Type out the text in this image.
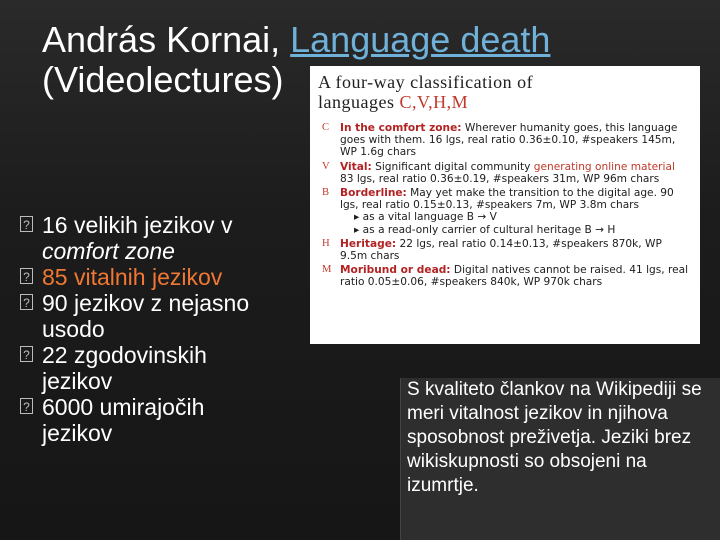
András Kornai, Language death
(Videolectures)
? 16 velikih jezikov v
comfort zone
? 85 vitalnih jezikov
? 90 jezikov z nejasno
usodo
? 22 zgodovinskih
jezikov
? 6000 umirajočih
jezikov
A four-way classification of
languages C,V,H,M
C In the comfort zone: Wherever humanity goes, this language goes with them. 16 lgs, real ratio 0.36±0.10, #speakers 145m, WP 1.6g chars
V Vital: Significant digital community generating online material 83 lgs, real ratio 0.36±0.19, #speakers 31m, WP 96m chars
B Borderline: May yet make the transition to the digital age. 90 lgs, real ratio 0.15±0.13, #speakers 7m, WP 3.8m chars
▸ as a vital language B → V
▸ as a read-only carrier of cultural heritage B → H
H Heritage: 22 lgs, real ratio 0.14±0.13, #speakers 870k, WP 9.5m chars
M Moribund or dead: Digital natives cannot be raised. 41 lgs, real ratio 0.05±0.06, #speakers 840k, WP 970k chars
S kvaliteto člankov na Wikipediji se meri vitalnost jezikov in njihova sposobnost preživetja. Jeziki brez wikiskupnosti so obsojeni na izumrtje.
